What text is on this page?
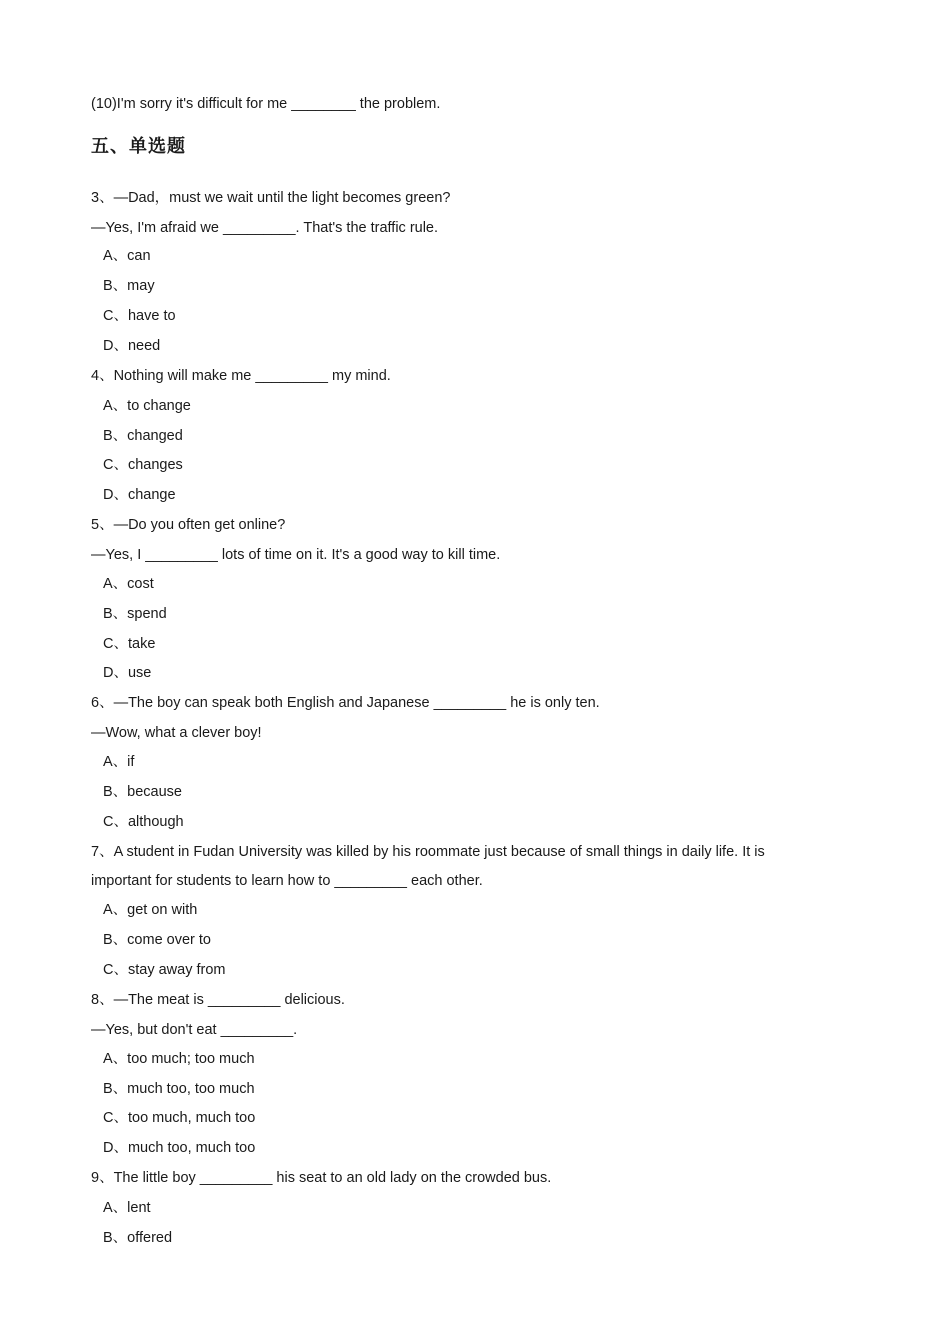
(10)I'm sorry it's difficult for me ________ the problem.
五、单选题
3、—Dad，must we wait until the light becomes green?
—Yes, I'm afraid we _________. That's the traffic rule.
A、can
B、may
C、have to
D、need
4、Nothing will make me _________ my mind.
A、to change
B、changed
C、changes
D、change
5、—Do you often get online?
—Yes, I _________ lots of time on it. It's a good way to kill time.
A、cost
B、spend
C、take
D、use
6、—The boy can speak both English and Japanese _________ he is only ten.
—Wow, what a clever boy!
A、if
B、because
C、although
7、A student in Fudan University was killed by his roommate just because of small things in daily life. It is
important for students to learn how to _________ each other.
A、get on with
B、come over to
C、stay away from
8、—The meat is _________ delicious.
—Yes, but don't eat _________.
A、too much; too much
B、much too, too much
C、too much, much too
D、much too, much too
9、The little boy _________ his seat to an old lady on the crowded bus.
A、lent
B、offered
